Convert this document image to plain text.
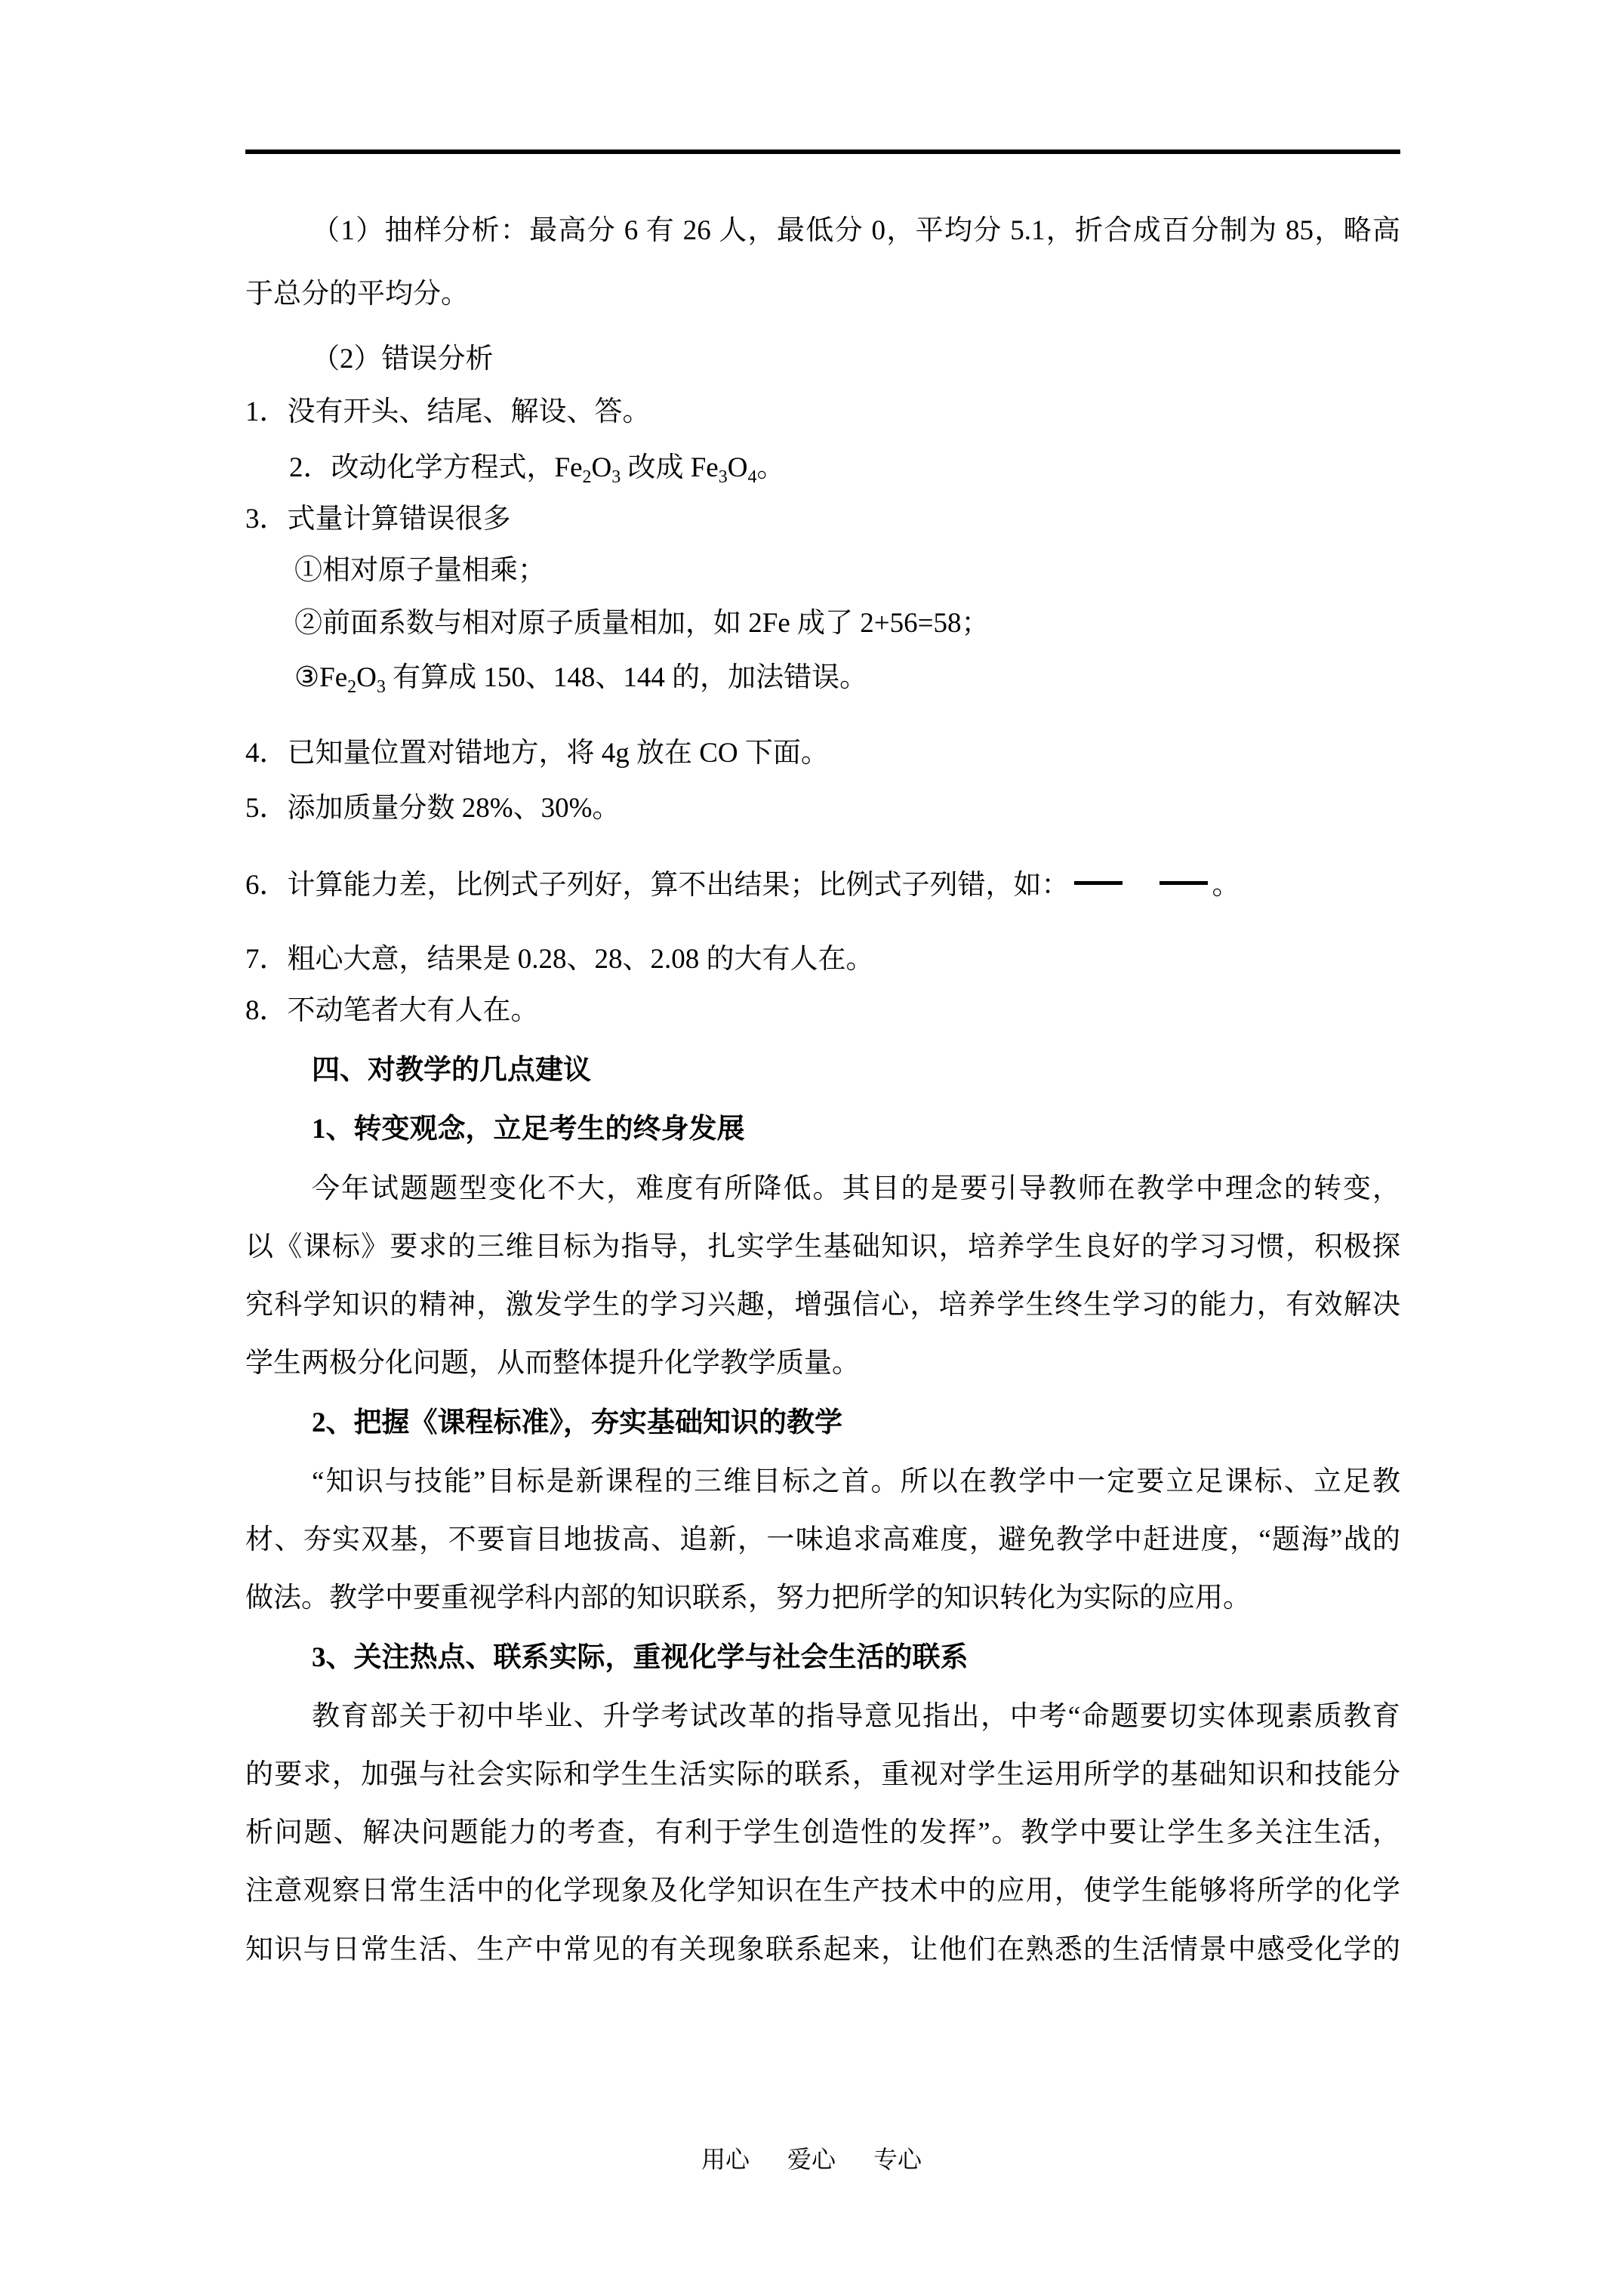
（1）抽样分析：最高分 6 有 26 人，最低分 0，平均分 5.1，折合成百分制为 85，略高
于总分的平均分。
（2）错误分析
1．没有开头、结尾、解设、答。
2．改动化学方程式，$Fe_2O_3$ 改成 $Fe_3O_4$。
3．式量计算错误很多
①相对原子量相乘；
②前面系数与相对原子质量相加，如 2Fe 成了 2+56=58；
$③Fe_2O_3$ 有算成 150、148、144 的，加法错误。
4．已知量位置对错地方，将 4g 放在 CO 下面。
5．添加质量分数 28%、30%。
6．计算能力差，比例式子列好，算不出结果；比例式子列错，如：　	。
7．粗心大意，结果是 0.28、28、2.08 的大有人在。
8．不动笔者大有人在。
四、对教学的几点建议
1、转变观念，立足考生的终身发展
今年试题题型变化不大，难度有所降低。其目的是要引导教师在教学中理念的转变，
以《课标》要求的三维目标为指导，扎实学生基础知识，培养学生良好的学习习惯，积极探
究科学知识的精神，激发学生的学习兴趣，增强信心，培养学生终生学习的能力，有效解决
学生两极分化问题，从而整体提升化学教学质量。
2、把握《课程标准》，夯实基础知识的教学
“知识与技能”目标是新课程的三维目标之首。所以在教学中一定要立足课标、立足教
材、夯实双基，不要盲目地拔高、追新，一味追求高难度，避免教学中赶进度，“题海”战的
做法。教学中要重视学科内部的知识联系，努力把所学的知识转化为实际的应用。
3、关注热点、联系实际，重视化学与社会生活的联系
教育部关于初中毕业、升学考试改革的指导意见指出，中考“命题要切实体现素质教育
的要求，加强与社会实际和学生生活实际的联系，重视对学生运用所学的基础知识和技能分
析问题、解决问题能力的考查，有利于学生创造性的发挥”。教学中要让学生多关注生活，
注意观察日常生活中的化学现象及化学知识在生产技术中的应用，使学生能够将所学的化学
知识与日常生活、生产中常见的有关现象联系起来，让他们在熟悉的生活情景中感受化学的
用心 爱心 专心
